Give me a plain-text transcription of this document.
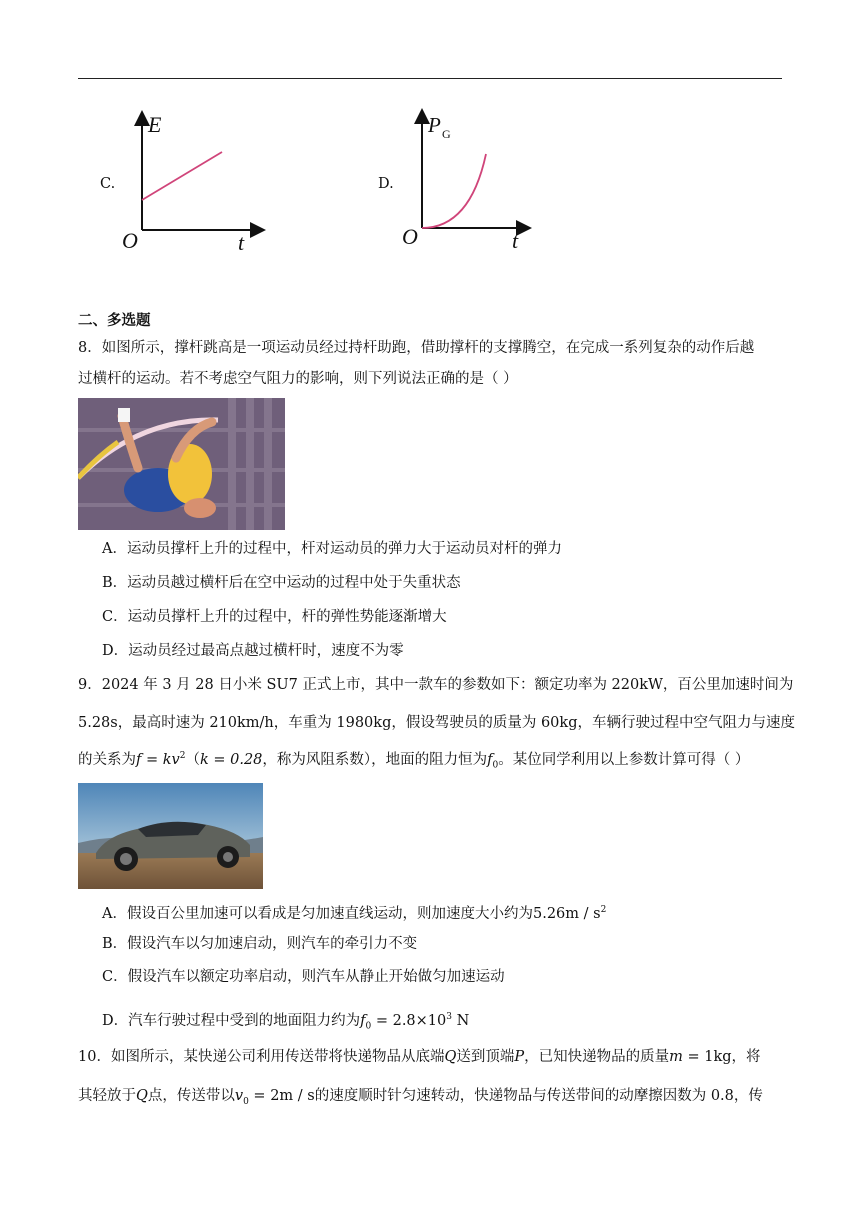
C.
E
t
O
D.
P G
t
O
二、多选题
8．如图所示，撑杆跳高是一项运动员经过持杆助跑，借助撑杆的支撑腾空，在完成一系列复杂的动作后越
过横杆的运动。若不考虑空气阻力的影响，则下列说法正确的是（ ）
A．运动员撑杆上升的过程中，杆对运动员的弹力大于运动员对杆的弹力
B．运动员越过横杆后在空中运动的过程中处于失重状态
C．运动员撑杆上升的过程中，杆的弹性势能逐渐增大
D．运动员经过最高点越过横杆时，速度不为零
9．2024 年 3 月 28 日小米 SU7 正式上市，其中一款车的参数如下：额定功率为 220kW，百公里加速时间为
5.28s，最高时速为 210km/h，车重为 1980kg，假设驾驶员的质量为 60kg，车辆行驶过程中空气阻力与速度
的关系为$f = kv^2(k = 0.28$，称为风阻系数），地面的阻力恒为$f_0$。某位同学利用以上参数计算可得（ ）
A．假设百公里加速可以看成是匀加速直线运动，则加速度大小约为$5.26m / s^2$
B．假设汽车以匀加速启动，则汽车的牵引力不变
C．假设汽车以额定功率启动，则汽车从静止开始做匀加速运动
D．汽车行驶过程中受到的地面阻力约为$f_0 = 2.8\times 10^3$ N
10．如图所示，某快递公司利用传送带将快递物品从底端Q送到顶端P，已知快递物品的质量m = 1kg，将
其轻放于Q点，传送带以$v_0 = 2m / s$的速度顺时针匀速转动，快递物品与传送带间的动摩擦因数为 0.8，传
